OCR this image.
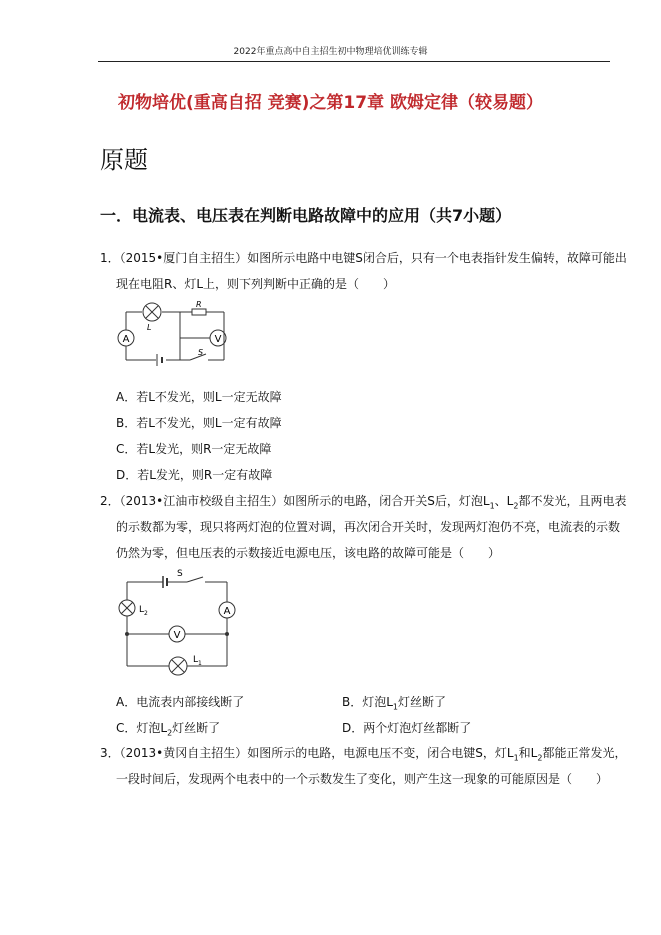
2022年重点高中自主招生初中物理培优训练专辑
初物培优(重高自招 竞赛)之第17章 欧姆定律（较易题）
原题
一．电流表、电压表在判断电路故障中的应用（共7小题）
1．（2015•厦门自主招生）如图所示电路中电键S闭合后，只有一个电表指针发生偏转，故障可能出
现在电阻R、灯L上，则下列判断中正确的是（　　）
A	V
L
R
S
A．若L不发光，则L一定无故障
B．若L不发光，则L一定有故障
C．若L发光，则R一定无故障
D．若L发光，则R一定有故障
2．（2013•江油市校级自主招生）如图所示的电路，闭合开关S后，灯泡$L_1$、$L_2$都不发光，且两电表
的示数都为零，现只将两灯泡的位置对调，再次闭合开关时，发现两灯泡仍不亮，电流表的示数
仍然为零，但电压表的示数接近电源电压，该电路的故障可能是（　　）
S
$L_2$
$L_1$
A
V
A．电流表内部接线断了	B．灯泡$L_1$灯丝断了
C．灯泡$L_2$灯丝断了	D．两个灯泡灯丝都断了
3．（2013•黄冈自主招生）如图所示的电路，电源电压不变，闭合电键S，灯$L_1$和$L_2$都能正常发光，
一段时间后，发现两个电表中的一个示数发生了变化，则产生这一现象的可能原因是（　　）
